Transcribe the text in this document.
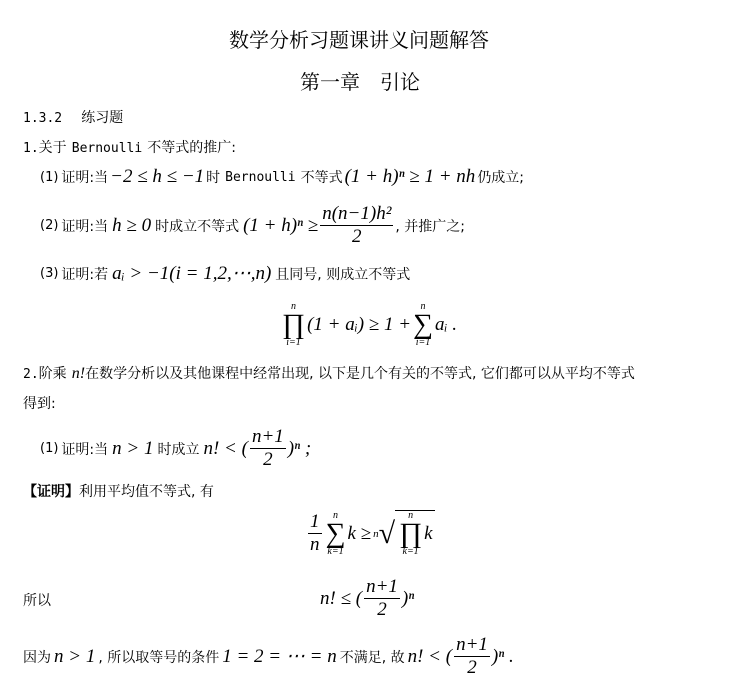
数学分析习题课讲义问题解答
第一章　引论
1.3.2 练习题
1.关于 Bernoulli 不等式的推广:
(1) 证明:当 −2 ≤ h ≤ −1 时 Bernoulli 不等式 (1 + h)ⁿ ≥ 1 + nh 仍成立;
(2) 证明:当 h ≥ 0 时成立不等式 $(1 + h)^n \ge \frac{\text{n(n−1)h²}}{2}$ , 并推广之;
(3) 证明:若 aᵢ > −1(i = 1,2,⋯,n) 且同号, 则成立不等式
n
∏
i=1
(1 + aᵢ) ≥ 1 +
n
∑
i=1
aᵢ .
2.阶乘 n!在数学分析以及其他课程中经常出现, 以下是几个有关的不等式, 它们都可以从平均不等式
得到:
(1) 证明:当 n > 1 时成立 n! < ( $\frac{n+1}{2} )^n$ ;
【证明】利用平均值不等式, 有
$\frac{1}{n}$ n
∑
k=1
k ≥ n √
n
∏
k=1
k
所以	n! ≤ ( $\frac{n+1}{2} )^n$
因为 n > 1 , 所以取等号的条件 1 = 2 = ⋯ = n 不满足, 故 n! < ( $\frac{n+1}{2} )^n$ .
